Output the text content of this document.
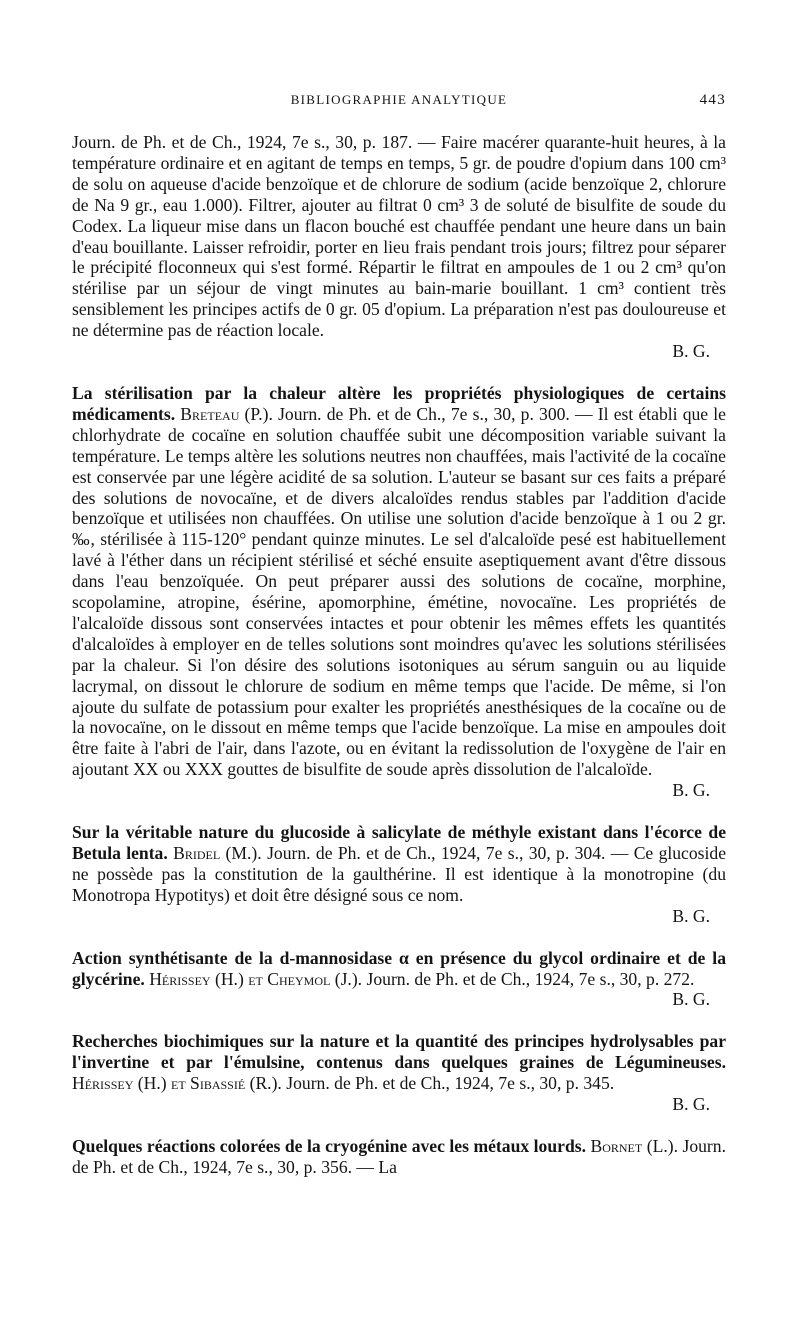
BIBLIOGRAPHIE ANALYTIQUE	443

Journ. de Ph. et de Ch., 1924, 7e s., 30, p. 187. — Faire macérer quarante-huit heures, à la température ordinaire et en agitant de temps en temps, 5 gr. de poudre d'opium dans 100 cm³ de solu on aqueuse d'acide benzoïque et de chlorure de sodium (acide benzoïque 2, chlorure de Na 9 gr., eau 1.000). Filtrer, ajouter au filtrat 0 cm³ 3 de soluté de bisulfite de soude du Codex. La liqueur mise dans un flacon bouché est chauffée pendant une heure dans un bain d'eau bouillante. Laisser refroidir, porter en lieu frais pendant trois jours; filtrez pour séparer le précipité floconneux qui s'est formé. Répartir le filtrat en ampoules de 1 ou 2 cm³ qu'on stérilise par un séjour de vingt minutes au bain-marie bouillant. 1 cm³ contient très sensiblement les principes actifs de 0 gr. 05 d'opium. La préparation n'est pas douloureuse et ne détermine pas de réaction locale.
B. G.

La stérilisation par la chaleur altère les propriétés physiologiques de certains médicaments. Breteau (P.). Journ. de Ph. et de Ch., 7e s., 30, p. 300. — Il est établi que le chlorhydrate de cocaïne en solution chauffée subit une décomposition variable suivant la température. Le temps altère les solutions neutres non chauffées, mais l'activité de la cocaïne est conservée par une légère acidité de sa solution. L'auteur se basant sur ces faits a préparé des solutions de novocaïne, et de divers alcaloïdes rendus stables par l'addition d'acide benzoïque et utilisées non chauffées. On utilise une solution d'acide benzoïque à 1 ou 2 gr. ‰, stérilisée à 115-120° pendant quinze minutes. Le sel d'alcaloïde pesé est habituellement lavé à l'éther dans un récipient stérilisé et séché ensuite aseptiquement avant d'être dissous dans l'eau benzoïquée. On peut préparer aussi des solutions de cocaïne, morphine, scopolamine, atropine, ésérine, apomorphine, émétine, novocaïne. Les propriétés de l'alcaloïde dissous sont conservées intactes et pour obtenir les mêmes effets les quantités d'alcaloïdes à employer en de telles solutions sont moindres qu'avec les solutions stérilisées par la chaleur. Si l'on désire des solutions isotoniques au sérum sanguin ou au liquide lacrymal, on dissout le chlorure de sodium en même temps que l'acide. De même, si l'on ajoute du sulfate de potassium pour exalter les propriétés anesthésiques de la cocaïne ou de la novocaïne, on le dissout en même temps que l'acide benzoïque. La mise en ampoules doit être faite à l'abri de l'air, dans l'azote, ou en évitant la redissolution de l'oxygène de l'air en ajoutant XX ou XXX gouttes de bisulfite de soude après dissolution de l'alcaloïde.
B. G.

Sur la véritable nature du glucoside à salicylate de méthyle existant dans l'écorce de Betula lenta. Bridel (M.). Journ. de Ph. et de Ch., 1924, 7e s., 30, p. 304. — Ce glucoside ne possède pas la constitution de la gaulthérine. Il est identique à la monotropine (du Monotropa Hypotitys) et doit être désigné sous ce nom.
B. G.

Action synthétisante de la d-mannosidase α en présence du glycol ordinaire et de la glycérine. Hérissey (H.) et Cheymol (J.). Journ. de Ph. et de Ch., 1924, 7e s., 30, p. 272.
B. G.

Recherches biochimiques sur la nature et la quantité des principes hydrolysables par l'invertine et par l'émulsine, contenus dans quelques graines de Légumineuses. Hérissey (H.) et Sibassié (R.). Journ. de Ph. et de Ch., 1924, 7e s., 30, p. 345.
B. G.

Quelques réactions colorées de la cryogénine avec les métaux lourds. Bornet (L.). Journ. de Ph. et de Ch., 1924, 7e s., 30, p. 356. — La
